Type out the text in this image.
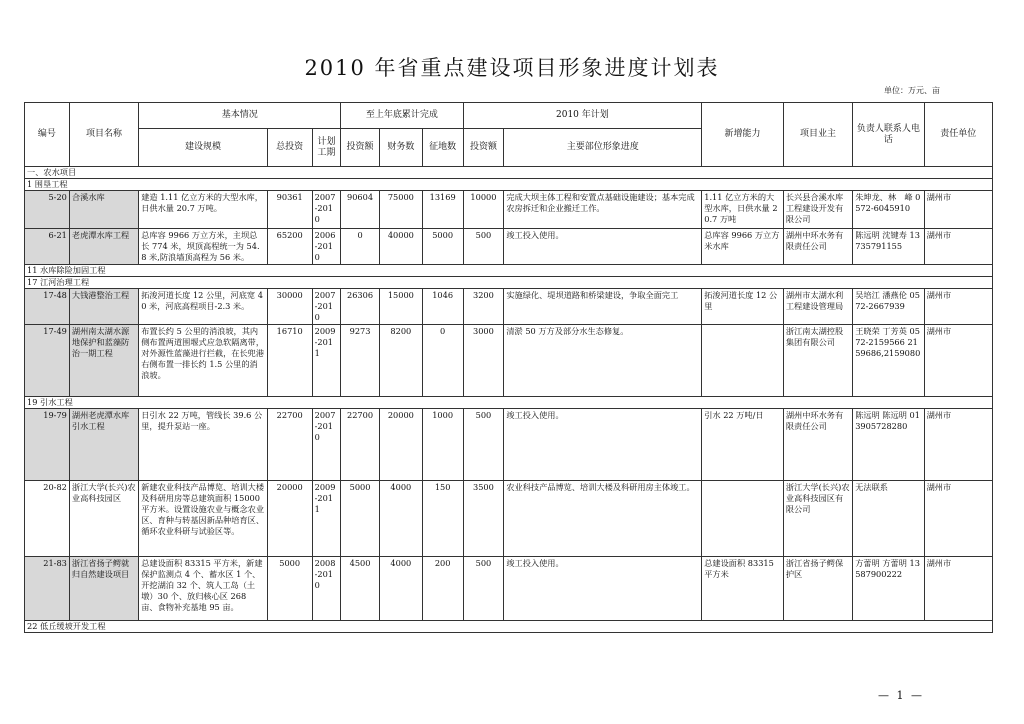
2010 年省重点建设项目形象进度计划表
单位：万元、亩
编号	项目名称	基本情况			至上年底累计完成			2010 年计划		新增能力	项目业主	负责人联系人电　话	责任单位
		建设规模	总投资	计划工期	投资额	财务数	征地数	投资额	主要部位形象进度				
一、农水项目													
1 围垦工程													
5-20	合溪水库	建造 1.11 亿立方米的大型水库，日供水量 20.7 万吨。	90361	2007-2010	90604	75000	13169	10000	完成大坝主体工程和安置点基础设施建设；基本完成农房拆迁和企业搬迁工作。	1.11 亿立方米的大型水库，日供水量 20.7 万吨	长兴县合溪水库工程建设开发有限公司	朱坤龙、林　峰 0572-6045910	湖州市
6-21	老虎潭水库工程	总库容 9966 万立方米，主坝总长 774 米，坝顶高程统一为 54.8 米,防浪墙顶高程为 56 米。	65200	2006-2010	0	40000	5000	500	竣工投入使用。	总库容 9966 万立方米水库	湖州中环水务有限责任公司	陈远明 沈键寿 13735791155	湖州市
11 水库除险加固工程													
17 江河治理工程													
17-48	大钱港整治工程	拓浚河道长度 12 公里，河底宽 40 米，河底高程项目-2.3 米。	30000	2007-2010	26306	15000	1046	3200	实施绿化、堤坝道路和桥梁建设，争取全面完工	拓浚河道长度 12 公里	湖州市太湖水利工程建设管理局	吴培江 潘燕伦 0572-2667939	湖州市
17-49	湖州南太湖水源地保护和蓝藻防治一期工程	布置长约 5 公里的消浪坡，其内侧布置两道围堰式应急软隔离带，对外源性蓝藻进行拦截，在长兜港右侧布置一排长约 1.5 公里的消浪坡。	16710	2009-2011	9273	8200	0	3000	清淤 50 万方及部分水生态修复。		浙江南太湖控股集团有限公司	王晓荣 丁芳英 0572-2159566 2159686,2159080	湖州市
19 引水工程													
19-79	湖州老虎潭水库引水工程	日引水 22 万吨，管线长 39.6 公里，提升泵站一座。	22700	2007-2010	22700	20000	1000	500	竣工投入使用。	引水 22 万吨/日	湖州中环水务有限责任公司	陈远明 陈远明 013905728280	湖州市
20-82	浙江大学(长兴)农业高科技园区	新建农业科技产品博览、培训大楼及科研用房等总建筑面积 15000 平方米。设置设施农业与概念农业区、育种与转基因新品种培育区、循环农业科研与试验区等。	20000	2009-2011	5000	4000	150	3500	农业科技产品博览、培训大楼及科研用房主体竣工。		浙江大学(长兴)农业高科技园区有限公司	无法联系	湖州市
21-83	浙江省扬子鳄就归自然建设项目	总建设面积 83315 平方米，新建保护监测点 4 个、蓄水区 1 个、开挖湖泊 32 个、筑人工岛（土墩）30 个、放归核心区 268 亩、食物补充基地 95 亩。	5000	2008-2010	4500	4000	200	500	竣工投入使用。	总建设面积 83315 平方米	浙江省扬子鳄保护区	方蕾明 方蕾明 13587900222	湖州市
22 低丘缓坡开发工程													
— 1 —
